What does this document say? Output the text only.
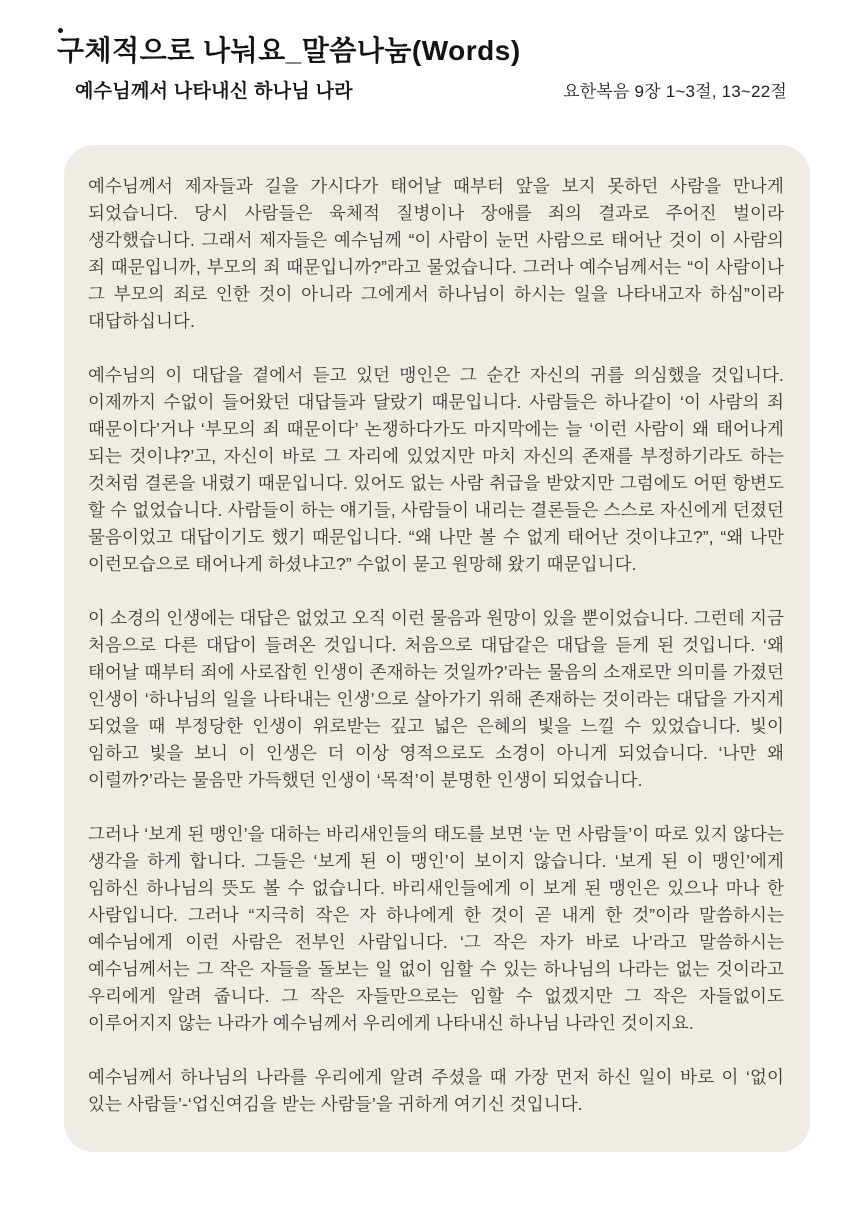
구체적으로 나눠요_말씀나눔(Words)
예수님께서 나타내신 하나님 나라	요한복음 9장 1~3절, 13~22절

예수님께서 제자들과 길을 가시다가 태어날 때부터 앞을 보지 못하던 사람을 만나게 되었습니다. 당시 사람들은 육체적 질병이나 장애를 죄의 결과로 주어진 벌이라 생각했습니다. 그래서 제자들은 예수님께 “이 사람이 눈먼 사람으로 태어난 것이 이 사람의 죄 때문입니까, 부모의 죄 때문입니까?”라고 물었습니다. 그러나 예수님께서는 “이 사람이나 그 부모의 죄로 인한 것이 아니라 그에게서 하나님이 하시는 일을 나타내고자 하심”이라 대답하십니다.

예수님의 이 대답을 곁에서 듣고 있던 맹인은 그 순간 자신의 귀를 의심했을 것입니다. 이제까지 수없이 들어왔던 대답들과 달랐기 때문입니다. 사람들은 하나같이 ‘이 사람의 죄 때문이다’거나 ‘부모의 죄 때문이다’ 논쟁하다가도 마지막에는 늘 ‘이런 사람이 왜 태어나게 되는 것이냐?’고, 자신이 바로 그 자리에 있었지만 마치 자신의 존재를 부정하기라도 하는 것처럼 결론을 내렸기 때문입니다. 있어도 없는 사람 취급을 받았지만 그럼에도 어떤 항변도 할 수 없었습니다. 사람들이 하는 얘기들, 사람들이 내리는 결론들은 스스로 자신에게 던졌던 물음이었고 대답이기도 했기 때문입니다. “왜 나만 볼 수 없게 태어난 것이냐고?”, “왜 나만 이런모습으로 태어나게 하셨냐고?” 수없이 묻고 원망해 왔기 때문입니다.

이 소경의 인생에는 대답은 없었고 오직 이런 물음과 원망이 있을 뿐이었습니다. 그런데 지금 처음으로 다른 대답이 들려온 것입니다. 처음으로 대답같은 대답을 듣게 된 것입니다. ‘왜 태어날 때부터 죄에 사로잡힌 인생이 존재하는 것일까?’라는 물음의 소재로만 의미를 가졌던 인생이 ‘하나님의 일을 나타내는 인생’으로 살아가기 위해 존재하는 것이라는 대답을 가지게 되었을 때 부정당한 인생이 위로받는 깊고 넓은 은혜의 빛을 느낄 수 있었습니다. 빛이 임하고 빛을 보니 이 인생은 더 이상 영적으로도 소경이 아니게 되었습니다. ‘나만 왜 이럴까?’라는 물음만 가득했던 인생이 ‘목적’이 분명한 인생이 되었습니다.

그러나 ‘보게 된 맹인’을 대하는 바리새인들의 태도를 보면 ‘눈 먼 사람들’이 따로 있지 않다는 생각을 하게 합니다. 그들은 ‘보게 된 이 맹인’이 보이지 않습니다. ‘보게 된 이 맹인’에게 임하신 하나님의 뜻도 볼 수 없습니다. 바리새인들에게 이 보게 된 맹인은 있으나 마나 한 사람입니다. 그러나 “지극히 작은 자 하나에게 한 것이 곧 내게 한 것”이라 말씀하시는 예수님에게 이런 사람은 전부인 사람입니다. ‘그 작은 자가 바로 나’라고 말씀하시는 예수님께서는 그 작은 자들을 돌보는 일 없이 임할 수 있는 하나님의 나라는 없는 것이라고 우리에게 알려 줍니다. 그 작은 자들만으로는 임할 수 없겠지만 그 작은 자들없이도 이루어지지 않는 나라가 예수님께서 우리에게 나타내신 하나님 나라인 것이지요.

예수님께서 하나님의 나라를 우리에게 알려 주셨을 때 가장 먼저 하신 일이 바로 이 ‘없이 있는 사람들’-‘업신여김을 받는 사람들’을 귀하게 여기신 것입니다.
